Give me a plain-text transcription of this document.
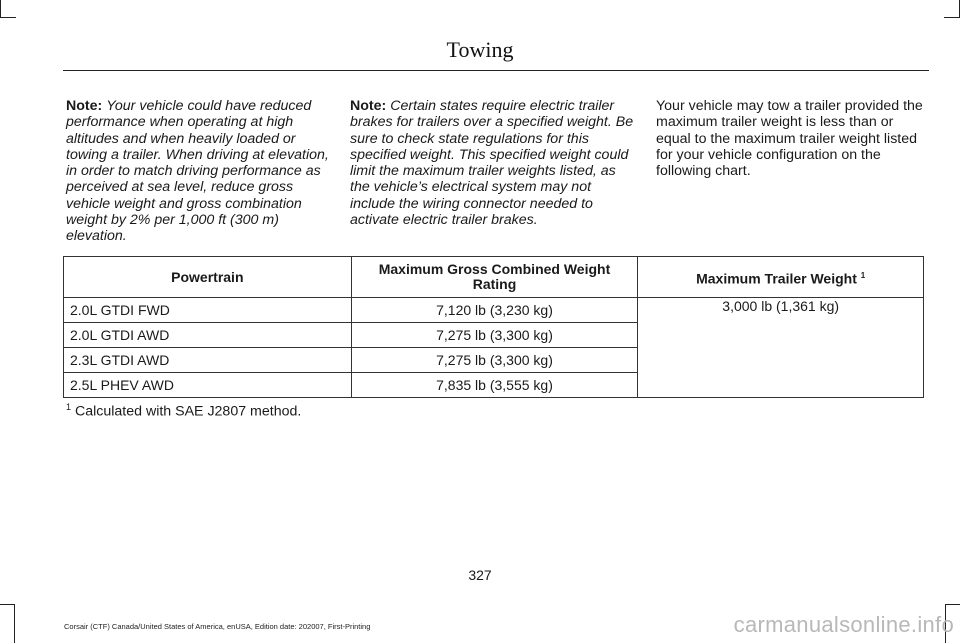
Towing
Note: Your vehicle could have reduced performance when operating at high altitudes and when heavily loaded or towing a trailer. When driving at elevation, in order to match driving performance as perceived at sea level, reduce gross vehicle weight and gross combination weight by 2% per 1,000 ft (300 m) elevation.
Note: Certain states require electric trailer brakes for trailers over a specified weight. Be sure to check state regulations for this specified weight. This specified weight could limit the maximum trailer weights listed, as the vehicle’s electrical system may not include the wiring connector needed to activate electric trailer brakes.
Your vehicle may tow a trailer provided the maximum trailer weight is less than or equal to the maximum trailer weight listed for your vehicle configuration on the following chart.
Powertrain	Maximum Gross Combined Weight Rating	Maximum Trailer Weight $^1$
2.0L GTDI FWD	7,120 lb (3,230 kg)	3,000 lb (1,361 kg)
2.0L GTDI AWD	7,275 lb (3,300 kg)	
2.3L GTDI AWD	7,275 lb (3,300 kg)	
2.5L PHEV AWD	7,835 lb (3,555 kg)	
$^1$ Calculated with SAE J2807 method.
327
Corsair (CTF) Canada/United States of America, enUSA, Edition date: 202007, First-Printing	carmanualsonline.info
